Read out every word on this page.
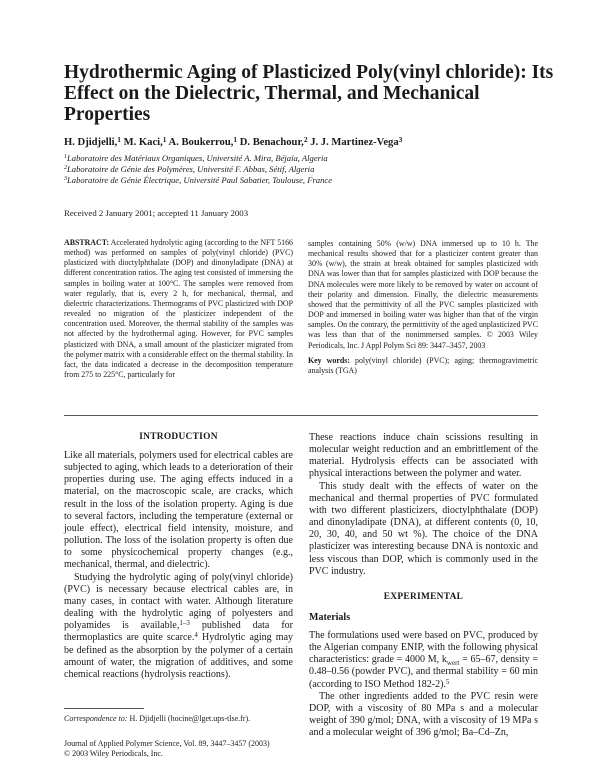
Hydrothermic Aging of Plasticized Poly(vinyl chloride): Its Effect on the Dielectric, Thermal, and Mechanical Properties
H. Djidjelli,$^1$ M. Kaci,$^1$ A. Boukerrou,$^1$ D. Benachour,$^2$ J. J. Martinez-Vega$^3$
$^1$Laboratoire des Matériaux Organiques, Université A. Mira, Béjaïa, Algeria
$^2$Laboratoire de Génie des Polymères, Université F. Abbas, Sétif, Algeria
$^3$Laboratoire de Génie Électrique, Université Paul Sabatier, Toulouse, France
Received 2 January 2001; accepted 11 January 2003

ABSTRACT: Accelerated hydrolytic aging (according to the NFT 5166 method) was performed on samples of poly(vinyl chloride) (PVC) plasticized with dioctylphthalate (DOP) and dinonyladipate (DNA) at different concentration ratios. The aging test consisted of immersing the samples in boiling water at 100°C. The samples were removed from water regularly, that is, every 2 h, for mechanical, thermal, and dielectric characterizations. Thermograms of PVC plasticized with DOP revealed no migration of the plasticizer independent of the concentration used. Moreover, the thermal stability of the samples was not affected by the hydrothermal aging. However, for PVC samples plasticized with DNA, a small amount of the plasticizer migrated from the polymer matrix with a considerable effect on the thermal stability. In fact, the data indicated a decrease in the decomposition temperature from 275 to 225°C, particularly for

samples containing 50% (w/w) DNA immersed up to 10 h. The mechanical results showed that for a plasticizer content greater than 30% (w/w), the strain at break obtained for samples plasticized with DNA was lower than that for samples plasticized with DOP because the DNA molecules were more likely to be removed by water on account of their polarity and dimension. Finally, the dielectric measurements showed that the permittivity of all the PVC samples plasticized with DOP and immersed in boiling water was higher than that of the virgin samples. On the contrary, the permittivity of the aged unplasticized PVC was less than that of the nonimmersed samples. © 2003 Wiley Periodicals, Inc. J Appl Polym Sci 89: 3447–3457, 2003

Key words: poly(vinyl chloride) (PVC); aging; thermogravimetric analysis (TGA)

INTRODUCTION

Like all materials, polymers used for electrical cables are subjected to aging, which leads to a deterioration of their properties during use. The aging effects induced in a material, on the macroscopic scale, are cracks, which result in the loss of the isolation property. Aging is due to several factors, including the temperature (external or joule effect), electrical field intensity, moisture, and pollution. The loss of the isolation property is often due to some physicochemical property changes (e.g., mechanical, thermal, and dielectric).

Studying the hydrolytic aging of poly(vinyl chloride) (PVC) is necessary because electrical cables are, in many cases, in contact with water. Although literature dealing with the hydrolytic aging of polyesters and polyamides is available,$^{1-3}$ published data for thermoplastics are quite scarce.$^4$ Hydrolytic aging may be defined as the absorption by the polymer of a certain amount of water, the migration of additives, and some chemical reactions (hydrolysis reactions).

These reactions induce chain scissions resulting in molecular weight reduction and an embrittlement of the material. Hydrolysis effects can be associated with physical interactions between the polymer and water.

This study dealt with the effects of water on the mechanical and thermal properties of PVC formulated with two different plasticizers, dioctylphthalate (DOP) and dinonyladipate (DNA), at different contents (0, 10, 20, 30, 40, and 50 wt %). The choice of the DNA plasticizer was interesting because DNA is nontoxic and less viscous than DOP, which is commonly used in the PVC industry.

EXPERIMENTAL
Materials

The formulations used were based on PVC, produced by the Algerian company ENIP, with the following physical characteristics: grade = 4000 M, $k_{wert} = 65-67$, density = 0.48–0.56 (powder PVC), and thermal stability = 60 min (according to ISO Method 182-2).$^5$

The other ingredients added to the PVC resin were DOP, with a viscosity of 80 MPa s and a molecular weight of 390 g/mol; DNA, with a viscosity of 19 MPa s and a molecular weight of 396 g/mol; Ba–Cd–Zn,

Correspondence to: H. Djidjelli (hocine@lget.ups-tlse.fr).
Journal of Applied Polymer Science, Vol. 89, 3447–3457 (2003)
© 2003 Wiley Periodicals, Inc.
